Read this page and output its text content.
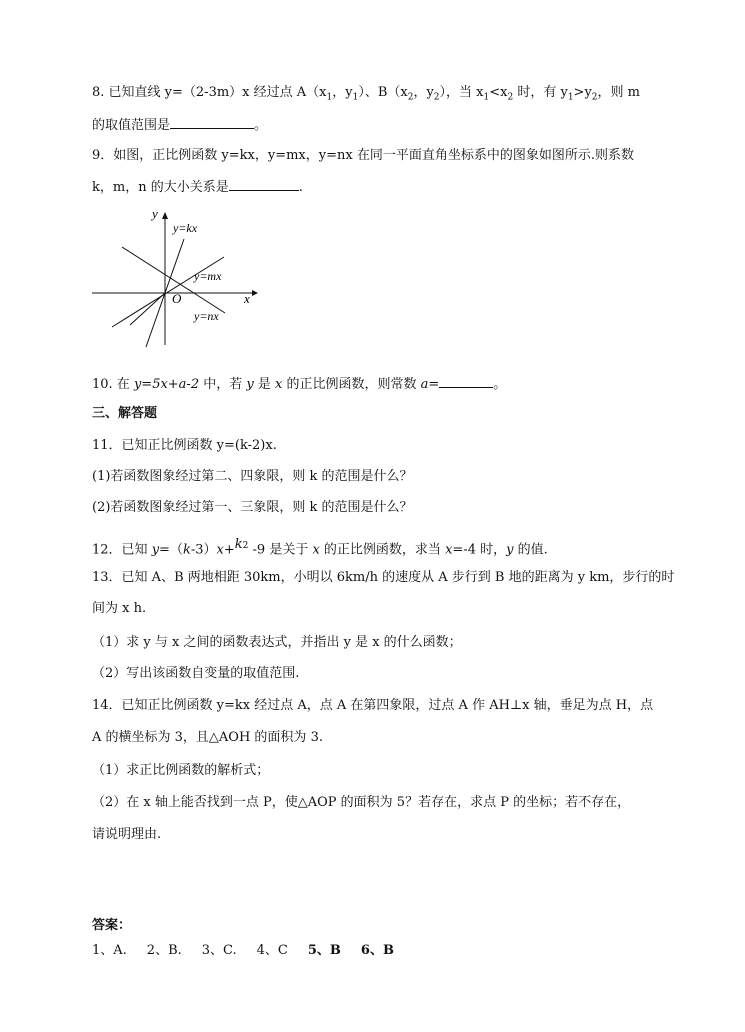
8. 已知直线 y=（2-3m）x 经过点 $A(x_1$，$y_1$）、$B(x_2$，$y_2$），当 $x_1<x_2$ 时，有 $y_1>y_2$，则 m
的取值范围是	。
9．如图，正比例函数 y=kx，y=mx，y=nx 在同一平面直角坐标系中的图象如图所示.则系数
k，m，n 的大小关系是	.
y
x
O
y=kx
y=mx
y=nx
10. 在 y=5x+a-2 中，若 y 是 x 的正比例函数，则常数 a=	。
三、解答题
11．已知正比例函数 y=(k-2)x.
(1)若函数图象经过第二、四象限，则 k 的范围是什么？
(2)若函数图象经过第一、三象限，则 k 的范围是什么？
12．已知 y=（k-3）x+$^{k2}$ -9 是关于 x 的正比例函数，求当 x=-4 时，y 的值.
13．已知 A、B 两地相距 30km，小明以 6km/h 的速度从 A 步行到 B 地的距离为 y km，步行的时
间为 x h.
（1）求 y 与 x 之间的函数表达式，并指出 y 是 x 的什么函数；
（2）写出该函数自变量的取值范围.
14．已知正比例函数 y=kx 经过点 A，点 A 在第四象限，过点 A 作 AH⊥x 轴，垂足为点 H，点
A 的横坐标为 3，且△AOH 的面积为 3.
（1）求正比例函数的解析式；
（2）在 x 轴上能否找到一点 P，使△AOP 的面积为 5？若存在，求点 P 的坐标；若不存在，
请说明理由.
答案：
1、A. 2、B. 3、C. 4、C 5、B 6、B
